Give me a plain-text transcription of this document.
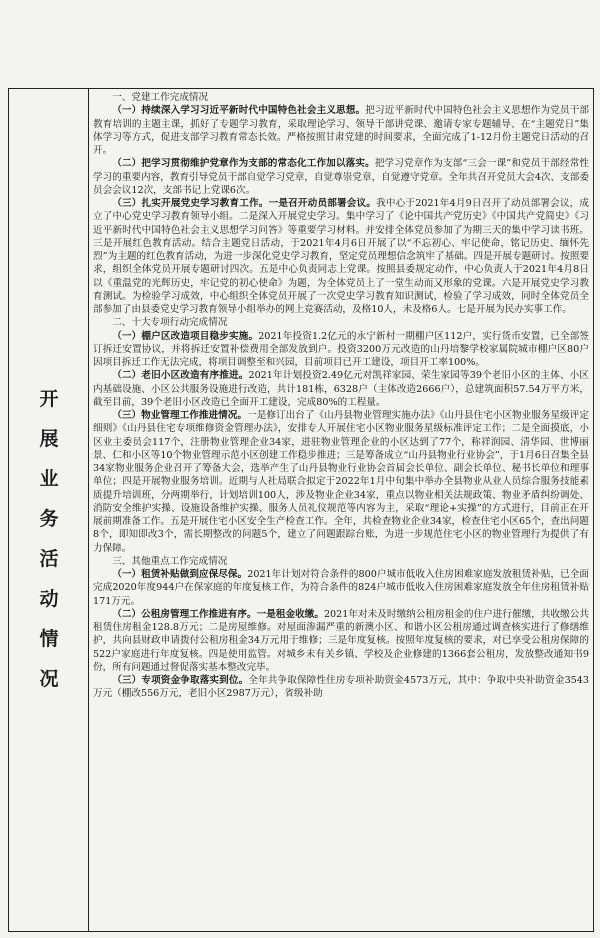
开
展
业
务
活
动
情
况

一、党建工作完成情况

（一）持续深入学习习近平新时代中国特色社会主义思想。把习近平新时代中国特色社会主义思想作为党员干部教育培训的主题主课，抓好了专题学习教育，采取理论学习、领导干部讲党课、邀请专家专题辅导、在“主题党日”集体学习等方式，促进支部学习教育常态长效。严格按照甘肃党建的时间要求，全面完成了1-12月份主题党日活动的召开。

（二）把学习贯彻维护党章作为支部的常态化工作加以落实。把学习党章作为支部“三会一课”和党员干部经常性学习的重要内容，教育引导党员干部自觉学习党章，自觉尊崇党章，自觉遵守党章。全年共召开党员大会4次、支部委员会会议12次，支部书记上党课6次。

（三）扎实开展党史学习教育工作。一是召开动员部署会议。我中心于2021年4月9日召开了动员部署会议，成立了中心党史学习教育领导小组。二是深入开展党史学习。集中学习了《论中国共产党历史》《中国共产党简史》《习近平新时代中国特色社会主义思想学习问答》等重要学习材料。并安排全体党员参加了为期三天的集中学习读书班。三是开展红色教育活动。结合主题党日活动，于2021年4月6日开展了以“不忘初心、牢记使命，铭记历史、缅怀先烈”为主题的红色教育活动，为进一步深化党史学习教育，坚定党员理想信念筑牢了基础。四是开展专题研讨。按照要求，组织全体党员开展专题研讨四次。五是中心负责同志上党课。按照县委规定动作，中心负责人于2021年4月8日以《重温党的光辉历史，牢记党的初心使命》为题，为全体党员上了一堂生动而又形象的党课。六是开展党史学习教育测试。为检验学习成效，中心组织全体党员开展了一次党史学习教育知识测试，检验了学习成效，同时全体党员全部参加了由县委党史学习教育领导小组举办的网上竞赛活动，及格10人，未及格6人。七是开展为民办实事工作。

二、十大专项行动完成情况

（一）棚户区改造项目稳步实施。2021年投资1.2亿元的永宁新村一期棚户区112户，实行货币安置，已全部签订拆迁安置协议，并将拆迁安置补偿费用全部发放到户。投资3200万元改造的山丹培黎学校家属院城市棚户区80户因项目拆迁工作无法完成，将项目调整至和兴园，目前项目已开工建设，项目开工率100%。

（二）老旧小区改造有序推进。2021年计划投资2.49亿元对凯祥家园、荣生家园等39个老旧小区的主体、小区内基础设施、小区公共服务设施进行改造，共计181栋，6328户（主体改造2666户），总建筑面积57.54万平方米，截至目前，39个老旧小区改造已全面开工建设，完成80%的工程量。

（三）物业管理工作推进情况。一是修订出台了《山丹县物业管理实施办法》《山丹县住宅小区物业服务星级评定细则》《山丹县住宅专项维修资金管理办法》，安排专人开展住宅小区物业服务星级标准评定工作；二是全面摸底，小区业主委员会117个，注册物业管理企业34家，进驻物业管理企业的小区达到了77个，称祥润园、清华园、世博丽景、仁和小区等10个物业管理示范小区创建工作稳步推进；三是筹备成立“山丹县物业行业协会”，于1月6日召集全县34家物业服务企业召开了筹备大会，选举产生了山丹县物业行业协会首届会长单位、副会长单位、秘书长单位和理事单位；四是开展物业服务培训。近期与人社局联合拟定于2022年1月中旬集中举办全县物业从业人员综合服务技能素质提升培训班，分两期举行，计划培训100人，涉及物业企业34家，重点以物业相关法规政策、物业矛盾纠纷调处、消防安全维护实操、设施设备维护实操、服务人员礼仪规范等内容为主，采取“理论+实操”的方式进行，目前正在开展前期准备工作。五是开展住宅小区安全生产检查工作。全年，共检查物业企业34家，检查住宅小区65个，查出问题8个，即知即改3个，需长期整改的问题5个，建立了问题跟踪台账，为进一步规范住宅小区的物业管理行为提供了有力保障。

三、其他重点工作完成情况

（一）租赁补贴做到应保尽保。2021年计划对符合条件的800户城市低收入住房困难家庭发放租赁补贴，已全面完成2020年度944户在保家庭的年度复核工作，为符合条件的824户城市低收入住房困难家庭发放全年住房租赁补贴171万元。

（二）公租房管理工作推进有序。一是租金收缴。2021年对未及时缴纳公租房租金的住户进行催缴，共收缴公共租赁住房租金128.8万元；二是房屋维修。对屋面渗漏严重的新澳小区、和谐小区公租房通过调查核实进行了修缮维护，共向县财政申请拨付公租房租金34万元用于维修；三是年度复核。按照年度复核的要求，对已享受公租房保障的522户家庭进行年度复核。四是使用监管。对城乡未有关乡镇、学校及企业修建的1366套公租房，发放整改通知书9份，所有问题通过督促落实基本整改完毕。

（三）专项资金争取落实到位。全年共争取保障性住房专项补助资金4573万元，其中：争取中央补助资金3543万元（棚改556万元，老旧小区2987万元），省级补助
